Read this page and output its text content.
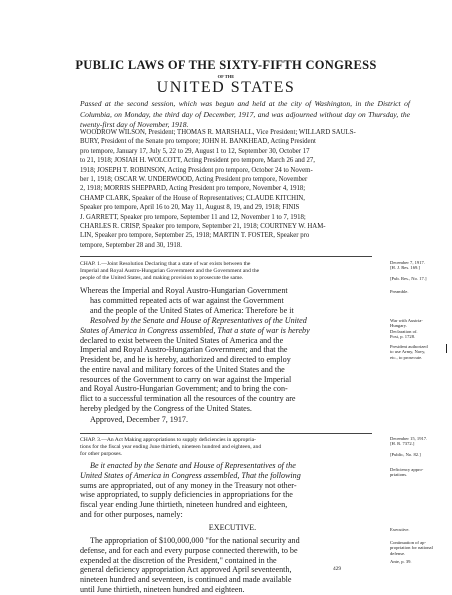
PUBLIC LAWS OF THE SIXTY-FIFTH CONGRESS
OF THE
UNITED STATES
Passed at the second session, which was begun and held at the city of Washington, in the District of Columbia, on Monday, the third day of December, 1917, and was adjourned without day on Thursday, the twenty-first day of November, 1918.
WOODROW WILSON, President; THOMAS R. MARSHALL, Vice President; WILLARD SAULS-
BURY, President of the Senate pro tempore; JOHN H. BANKHEAD, Acting President
pro tempore, January 17, July 5, 22 to 29, August 1 to 12, September 30, October 17
to 21, 1918; JOSIAH H. WOLCOTT, Acting President pro tempore, March 26 and 27,
1918; JOSEPH T. ROBINSON, Acting President pro tempore, October 24 to Novem-
ber 1, 1918; OSCAR W. UNDERWOOD, Acting President pro tempore, November
2, 1918; MORRIS SHEPPARD, Acting President pro tempore, November 4, 1918;
CHAMP CLARK, Speaker of the House of Representatives; CLAUDE KITCHIN,
Speaker pro tempore, April 16 to 20, May 11, August 8, 19, and 29, 1918; FINIS
J. GARRETT, Speaker pro tempore, September 11 and 12, November 1 to 7, 1918;
CHARLES R. CRISP, Speaker pro tempore, September 21, 1918; COURTNEY W. HAM-
LIN, Speaker pro tempore, September 25, 1918; MARTIN T. FOSTER, Speaker pro
tempore, September 28 and 30, 1918.
CHAP. 1.—Joint Resolution Declaring that a state of war exists between the
Imperial and Royal Austro-Hungarian Government and the Government and the
people of the United States, and making provision to prosecute the same.
December 7, 1917.
[H. J. Res. 169.]
[Pub. Res., No. 17.]
Preamble.
War with Austria-
Hungary.
Declaration of.
Post, p. 1728.
President authorized
to use Army, Navy,
etc., to prosecute.
Whereas the Imperial and Royal Austro-Hungarian Government
has committed repeated acts of war against the Government
and the people of the United States of America: Therefore be it
Resolved by the Senate and House of Representatives of the United
States of America in Congress assembled, That a state of war is hereby
declared to exist between the United States of America and the
Imperial and Royal Austro-Hungarian Government; and that the
President be, and he is hereby, authorized and directed to employ
the entire naval and military forces of the United States and the
resources of the Government to carry on war against the Imperial
and Royal Austro-Hungarian Government; and to bring the con-
flict to a successful termination all the resources of the country are
hereby pledged by the Congress of the United States.
Approved, December 7, 1917.
CHAP. 3.—An Act Making appropriations to supply deficiencies in appropria-
tions for the fiscal year ending June thirtieth, nineteen hundred and eighteen, and
for other purposes.
December 15, 1917.
[H. R. 7372.]
[Public, No. 82.]
Deficiency appro-
priations.
Executive.
Continuation of ap-
propriation for national
defense.
Ante, p. 39.
Be it enacted by the Senate and House of Representatives of the
United States of America in Congress assembled, That the following
sums are appropriated, out of any money in the Treasury not other-
wise appropriated, to supply deficiencies in appropriations for the
fiscal year ending June thirtieth, nineteen hundred and eighteen,
and for other purposes, namely:
EXECUTIVE.
The appropriation of $100,000,000 "for the national security and
defense, and for each and every purpose connected therewith, to be
expended at the discretion of the President," contained in the
general deficiency appropriation Act approved April seventeenth,
nineteen hundred and seventeen, is continued and made available
until June thirtieth, nineteen hundred and eighteen.
429
